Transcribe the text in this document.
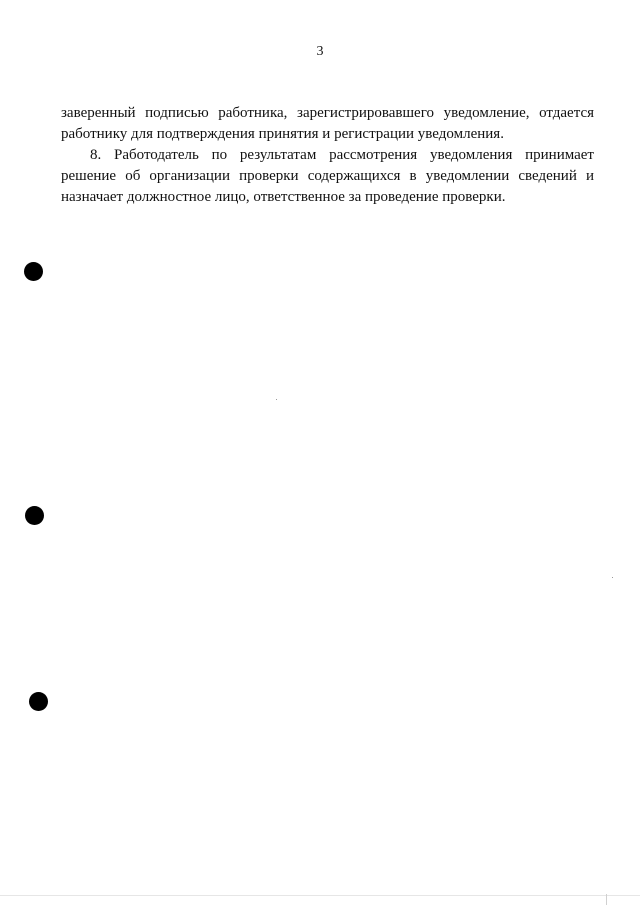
3
заверенный подписью работника, зарегистрировавшего уведомление, отдается
работнику для подтверждения принятия и регистрации уведомления.
8. Работодатель по результатам рассмотрения уведомления принимает
решение об организации проверки содержащихся в уведомлении сведений и
назначает должностное лицо, ответственное за проведение проверки.
